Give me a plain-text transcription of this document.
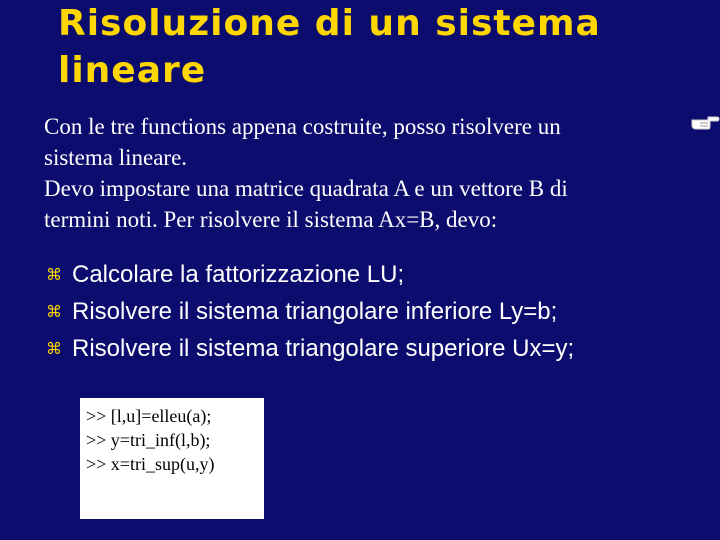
Risoluzione di un sistema
lineare
Con le tre functions appena costruite, posso risolvere un
sistema lineare.
Devo impostare una matrice quadrata A e un vettore B di
termini noti. Per risolvere il sistema Ax=B, devo:
⌘ Calcolare la fattorizzazione LU;
⌘ Risolvere il sistema triangolare inferiore Ly=b;
⌘ Risolvere il sistema triangolare superiore Ux=y;
>> [l,u]=elleu(a);
>> y=tri_inf(l,b);
>> x=tri_sup(u,y)
